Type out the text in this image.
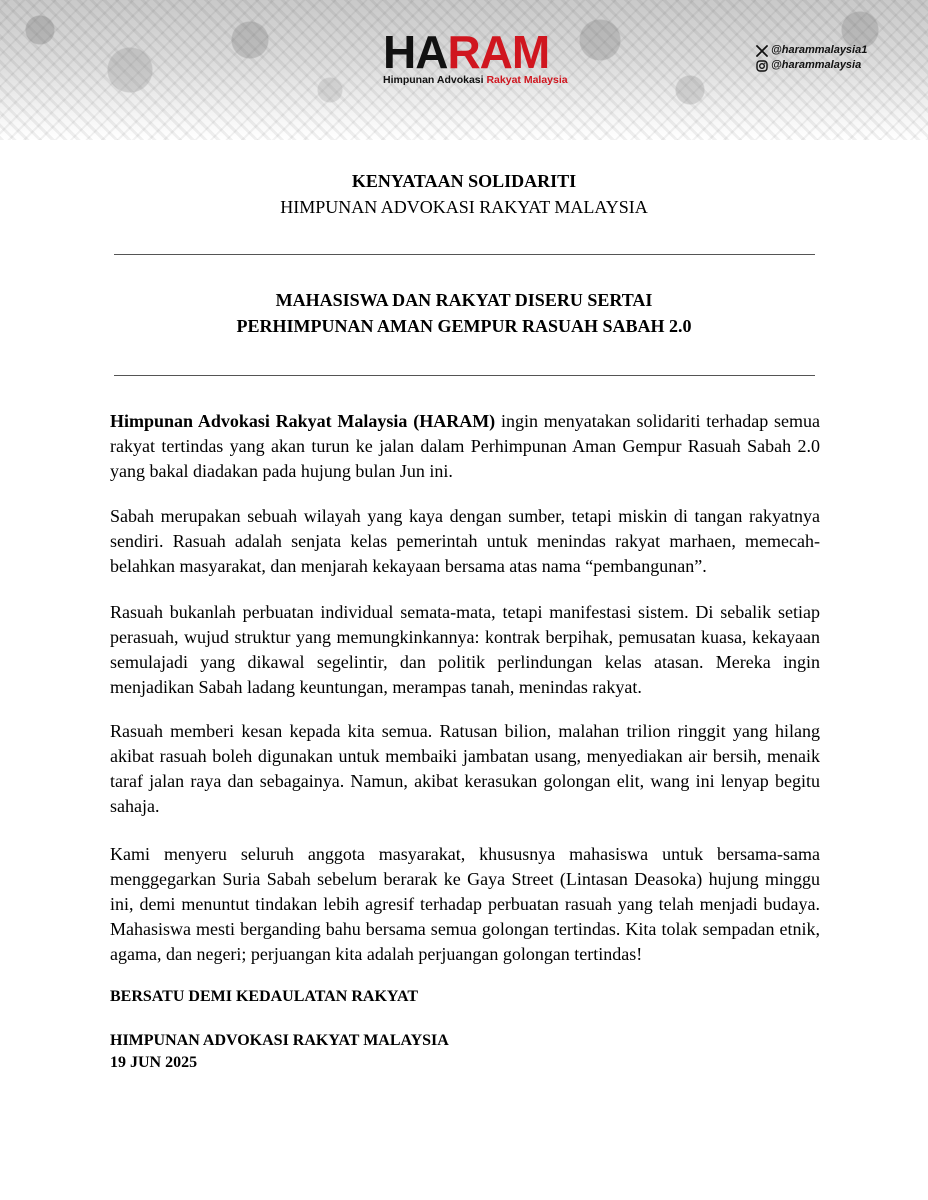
HARAM
Himpunan Advokasi Rakyat Malaysia
@harammalaysia1
@harammalaysia
KENYATAAN SOLIDARITI
HIMPUNAN ADVOKASI RAKYAT MALAYSIA
MAHASISWA DAN RAKYAT DISERU SERTAI
PERHIMPUNAN AMAN GEMPUR RASUAH SABAH 2.0

Himpunan Advokasi Rakyat Malaysia (HARAM) ingin menyatakan solidariti terhadap semua rakyat tertindas yang akan turun ke jalan dalam Perhimpunan Aman Gempur Rasuah Sabah 2.0 yang bakal diadakan pada hujung bulan Jun ini.

Sabah merupakan sebuah wilayah yang kaya dengan sumber, tetapi miskin di tangan rakyatnya sendiri. Rasuah adalah senjata kelas pemerintah untuk menindas rakyat marhaen, memecah-belahkan masyarakat, dan menjarah kekayaan bersama atas nama “pembangunan”.

Rasuah bukanlah perbuatan individual semata-mata, tetapi manifestasi sistem. Di sebalik setiap perasuah, wujud struktur yang memungkinkannya: kontrak berpihak, pemusatan kuasa, kekayaan semulajadi yang dikawal segelintir, dan politik perlindungan kelas atasan. Mereka ingin menjadikan Sabah ladang keuntungan, merampas tanah, menindas rakyat.

Rasuah memberi kesan kepada kita semua. Ratusan bilion, malahan trilion ringgit yang hilang akibat rasuah boleh digunakan untuk membaiki jambatan usang, menyediakan air bersih, menaik taraf jalan raya dan sebagainya. Namun, akibat kerasukan golongan elit, wang ini lenyap begitu sahaja.

Kami menyeru seluruh anggota masyarakat, khususnya mahasiswa untuk bersama-sama menggegarkan Suria Sabah sebelum berarak ke Gaya Street (Lintasan Deasoka) hujung minggu ini, demi menuntut tindakan lebih agresif terhadap perbuatan rasuah yang telah menjadi budaya. Mahasiswa mesti berganding bahu bersama semua golongan tertindas. Kita tolak sempadan etnik, agama, dan negeri; perjuangan kita adalah perjuangan golongan tertindas!

BERSATU DEMI KEDAULATAN RAKYAT
HIMPUNAN ADVOKASI RAKYAT MALAYSIA
19 JUN 2025
